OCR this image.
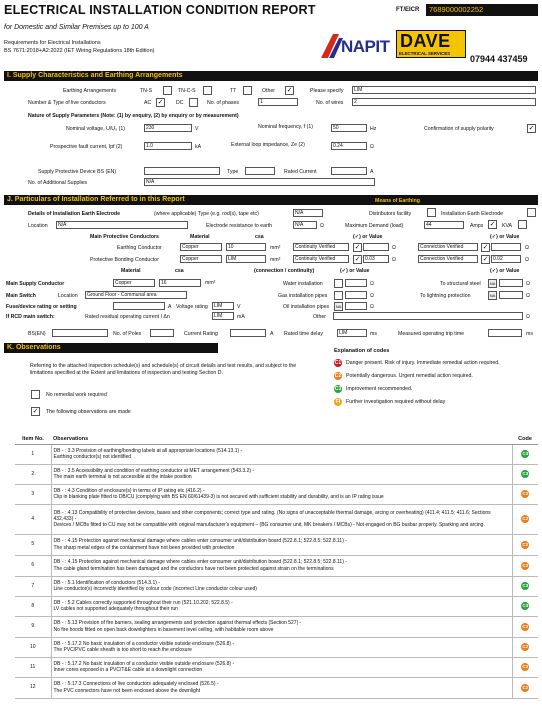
ELECTRICAL INSTALLATION CONDITION REPORT	FT/EICR	7689000002252
for Domestic and Similar Premises up to 100 A
Requirements for Electrical Installations
BS 7671:2018+A2:2022 (IET Wiring Regulations 18th Edition)	NAPIT DAVE
ELECTRICAL SERVICES
07944 437459
I. Supply Characteristics and Earthing Arrangements
Earthing Arrangements	TN-S	TN-C-S	TT	Other ✓	Please specify	LIM
Number & Type of live conductors	AC ✓	DC	No. of phases	1	No. of wires	2
Nature of Supply Parameters (Note: (1) by enquiry, (2) by enquiry or by measurement)
Nominal voltage, U/U₀ (1)	230	V	Nominal frequency, f (1)	50	Hz	Confirmation of supply polarity	✓
Prospective fault current, Ipf (2)	1.0	kA	External loop impedance, Ze (2)	0.24	Ω
Supply Protective Device BS (EN)	Type	Rated Current	A
No. of Additional Supplies	N/A
J. Particulars of Installation Referred to in this Report	Means of Earthing
Details of Installation Earth Electrode	(where applicable) Type (e.g. rod(s), tape etc)	N/A	Distributors facility	Installation Earth Electrode
Location	N/A	Electrode resistance to earth	N/A	Ω	Maximum Demand (load)	44	Amps ✓	KVA
Main Protective Conductors	Material	csa	(✓) or Value	(✓) or Value
Earthing Conductor	Copper	10	mm²	Continuity Verified	✓	Ω	Connection Verified	✓	Ω
Protective Bonding Conductor	Copper	LIM	mm²	Continuity Verified	✓ 0.03	Ω	Connection Verified	✓ 0.02	Ω
Material	csa	(connection / continuity)	(✓) or Value	(✓) or Value
Main Supply Conductor	Copper	16	mm²	Water installation	Ω	To structural steel	NA	Ω
Main Switch	Location	Ground Floor - Communal area	Gas installation pipes	Ω	To lightning protection	NA	Ω
Fuse/device rating or setting	A Voltage rating	LIM	V	Oil installation pipes	NA	Ω
If RCD main switch:	Rated residual operating current I Δn	LIM	mA	Other	Ω
BS(EN)	No. of Poles	Current Rating	A Rated time delay	LIM	ms	Measured operating trip time	ms
K. Observations
Referring to the attached inspection schedule(s) and schedule(s) of circuit details and test results, and subject to the limitations specified at the Extent and limitations of inspection and testing Section D.
No remedial work required
✓	The following observations are made
Explanation of codes
C1 Danger present. Risk of injury. Immediate remedial action required.
C2 Potentially dangerous. Urgent remedial action required.
C3 Improvement recommended.
FI	Further investigation required without delay
Item No.	Observations	Code
1	DB - : 3.3 Provision of earthing/bonding labels at all appropriate locations (514.13.1) -
Earthing conductor(s) not identified	C3
2	DB - : 3.5 Accessibility and condition of earthing conductor at MET arrangement (543.3.2) -
The main earth terminal is not accessible at the intake position	C3
3	DB - : 4.3 Condition of enclosure(s) in terms of IP rating etc (416.2) -
Clip in blanking plate fitted to DB/CU (complying with BS EN 60/61439-3) is not secured with sufficient stability and durability, and is an IP rating issue	C2
4	DB - : 4.13 Compatibility of protective devices, bases and other components; correct type and rating. (No signs of unacceptable thermal damage, arcing or overheating) (411.4; 411.5; 411.6; Sections 432,433) -
Devices / MCBs fitted to CU may not be compatible with original manufacturer's equipment – (BG consumer unit, MK breakers / MCBs) - Not engaged on BG busbar properly. Sparking and arcing.	C2
5	DB - : 4.15 Protection against mechanical damage where cables enter consumer unit/distribution board (522.8.1; 522.8.5; 522.8.11) -
The sharp metal edges of the containment have not been provided with protection	C2
6	DB - : 4.15 Protection against mechanical damage where cables enter consumer unit/distribution board (522.8.1; 522.8.5; 522.8.11) -
The cable gland termination has been damaged and the conductors have not been protected against strain on the terminations	C2
7	DB - : 5.1 Identification of conductors (514.3.1) -
Line conductor(s) incorrectly identified by colour code (incorrect Line conductor colour used)	C3
8	DB - : 5.2 Cables correctly supported throughout their run (521.10.202; 522.8.5) -
LV cables not supported adequately throughout their run	C3
9	DB - : 5.13 Provision of fire barriers, sealing arrangements and protection against thermal effects (Section 527) -
No fire hoods fitted on open back downlighters in basement level ceiling, with habitable room above	C2
10	DB - : 5.17.2 No basic insulation of a conductor visible outside enclosure (526.8) -
The PVC/PVC cable sheath is too short to reach the enclosure	C2
11	DB - : 5.17.2 No basic insulation of a conductor visible outside enclosure (526.8) -
Inner cores exposed in a PVC/T&E cable at a downlight connection	C2
12	DB - : 5.17.3 Connections of live conductors adequately enclosed (526.5) -
The PVC connectors have not been enclosed above the downlight	C2
